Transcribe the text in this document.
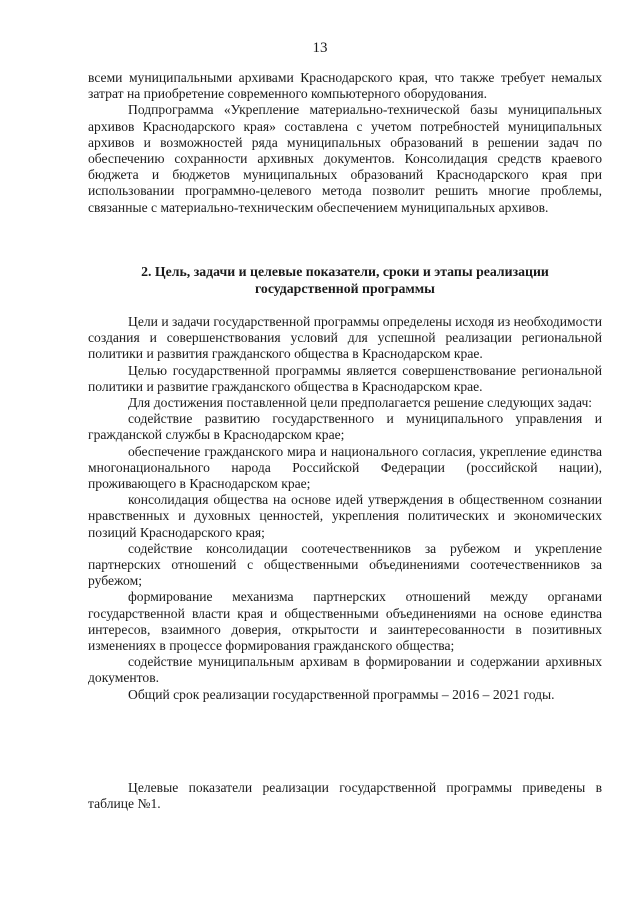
13

всеми муниципальными архивами Краснодарского края, что также требует немалых затрат на приобретение современного компьютерного оборудования.

Подпрограмма «Укрепление материально-технической базы муниципальных архивов Краснодарского края» составлена с учетом потребностей муниципальных архивов и возможностей ряда муниципальных образований в решении задач по обеспечению сохранности архивных документов. Консолидация средств краевого бюджета и бюджетов муниципальных образований Краснодарского края при использовании программно-целевого метода позволит решить многие проблемы, связанные с материально-техническим обеспечением муниципальных архивов.

2. Цель, задачи и целевые показатели, сроки и этапы реализации
государственной программы

Цели и задачи государственной программы определены исходя из необходимости создания и совершенствования условий для успешной реализации региональной политики и развития гражданского общества в Краснодарском крае.

Целью государственной программы является совершенствование региональной политики и развитие гражданского общества в Краснодарском крае.

Для достижения поставленной цели предполагается решение следующих задач:

содействие развитию государственного и муниципального управления и гражданской службы в Краснодарском крае;

обеспечение гражданского мира и национального согласия, укрепление единства многонационального народа Российской Федерации (российской нации), проживающего в Краснодарском крае;

консолидация общества на основе идей утверждения в общественном сознании нравственных и духовных ценностей, укрепления политических и экономических позиций Краснодарского края;

содействие консолидации соотечественников за рубежом и укрепление партнерских отношений с общественными объединениями соотечественников за рубежом;

формирование механизма партнерских отношений между органами государственной власти края и общественными объединениями на основе единства интересов, взаимного доверия, открытости и заинтересованности в позитивных изменениях в процессе формирования гражданского общества;

содействие муниципальным архивам в формировании и содержании архивных документов.

Общий срок реализации государственной программы – 2016 – 2021 годы.

Целевые показатели реализации государственной программы приведены в таблице №1.
